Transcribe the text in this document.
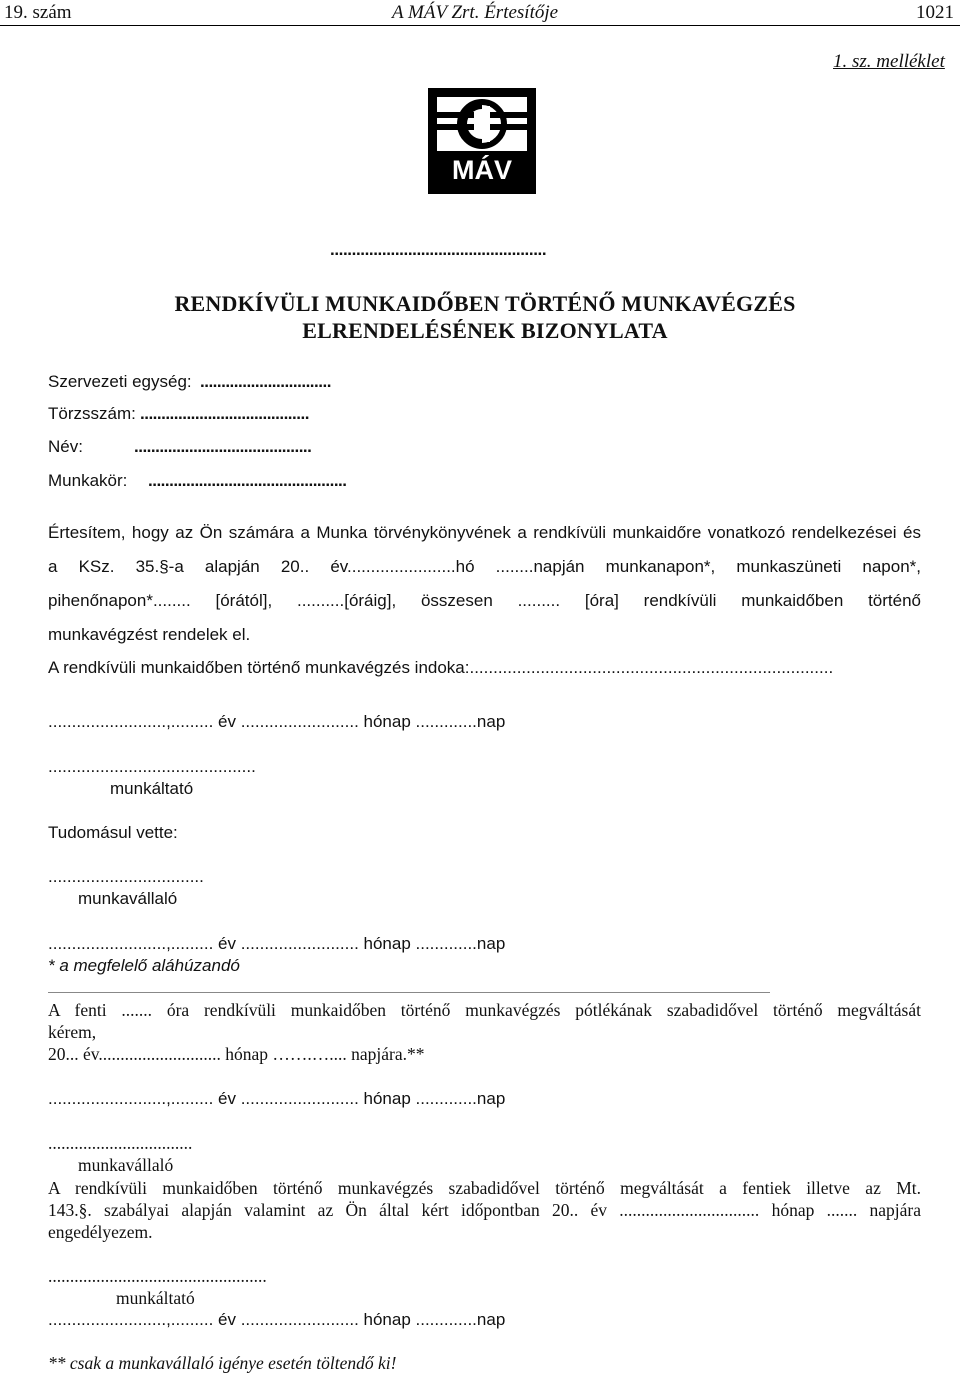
19. szám	A MÁV Zrt. Értesítője	1021
1. sz. melléklet
MÁV
..................................................
RENDKÍVÜLI MUNKAIDŐBEN TÖRTÉNŐ MUNKAVÉGZÉS
ELRENDELÉSÉNEK BIZONYLATA
Szervezeti egység: ...............................
Törzsszám: ........................................
Név:	..........................................
Munkakör: ...............................................
Értesítem, hogy az Ön számára a Munka törvénykönyvének a rendkívüli munkaidőre vonatkozó rendelkezései és
a KSz. 35.§-a alapján 20.. év.......................hó ........napján munkanapon*, munkaszüneti napon*,
pihenőnapon*........ [órától], ..........[óráig], összesen ......... [óra] rendkívüli munkaidőben történő
munkavégzést rendelek el.
A rendkívüli munkaidőben történő munkavégzés indoka:.............................................................................
.........................,......... év ......................... hónap .............nap
............................................
munkáltató
Tudomásul vette:
.................................
munkavállaló
.........................,......... év ......................... hónap .............nap
* a megfelelő aláhúzandó
A fenti ....... óra rendkívüli munkaidőben történő munkavégzés pótlékának szabadidővel történő megváltását
kérem,
20... év............................ hónap …….….... napjára.**
.........................,......... év ......................... hónap .............nap
.................................
munkavállaló
A rendkívüli munkaidőben történő munkavégzés szabadidővel történő megváltását a fentiek illetve az Mt.
143.§. szabályai alapján valamint az Ön által kért időpontban 20.. év ................................ hónap ....... napjára
engedélyezem.
..................................................
munkáltató
.........................,......... év ......................... hónap .............nap
** csak a munkavállaló igénye esetén töltendő ki!
